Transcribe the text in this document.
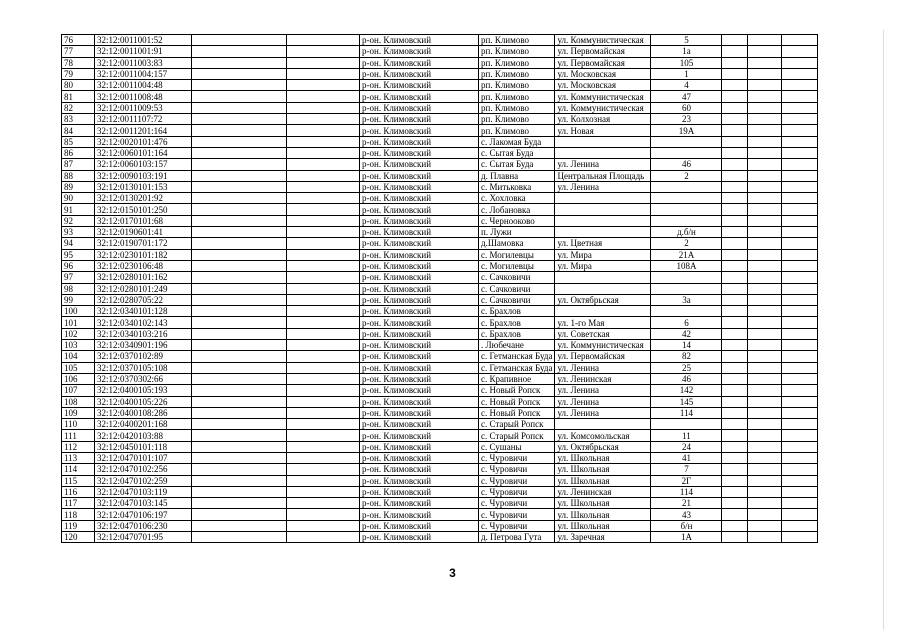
76	32:12:0011001:52			р-он. Климовский	рп. Климово	ул. Коммунистическая	5			
77	32:12:0011001:91			р-он. Климовский	рп. Климово	ул. Первомайская	1а			
78	32:12:0011003:83			р-он. Климовский	рп. Климово	ул. Первомайская	105			
79	32:12:0011004:157			р-он. Климовский	рп. Климово	ул. Московская	1			
80	32:12:0011004:48			р-он. Климовский	рп. Климово	ул. Московская	4			
81	32:12:0011008:48			р-он. Климовский	рп. Климово	ул. Коммунистическая	47			
82	32:12:0011009:53			р-он. Климовский	рп. Климово	ул. Коммунистическая	60			
83	32:12:0011107:72			р-он. Климовский	рп. Климово	ул. Колхозная	23			
84	32:12:0011201:164			р-он. Климовский	рп. Климово	ул. Новая	19А			
85	32:12:0020101:476			р-он. Климовский	с. Лакомая Буда					
86	32:12:0060101:164			р-он. Климовский	с. Сытая Буда					
87	32:12:0060103:157			р-он. Климовский	с. Сытая Буда	ул. Ленина	46			
88	32:12:0090103:191			р-он. Климовский	д. Плавна	Центральная Площадь	2			
89	32:12:0130101:153			р-он. Климовский	с. Митьковка	ул. Ленина				
90	32:12:0130201:92			р-он. Климовский	с. Хохловка					
91	32:12:0150101:250			р-он. Климовский	с. Лобановка					
92	32:12:0170101:68			р-он. Климовский	с. Чернооково					
93	32:12:0190601:41			р-он. Климовский	п. Лужи		д.б/н			
94	32:12:0190701:172			р-он. Климовский	д.Шамовка	ул. Цветная	2			
95	32:12:0230101:182			р-он. Климовский	с. Могилевцы	ул. Мира	21А			
96	32:12:0230106:48			р-он. Климовский	с. Могилевцы	ул. Мира	108А			
97	32:12:0280101:162			р-он. Климовский	с. Сачковичи					
98	32:12:0280101:249			р-он. Климовский	с. Сачковичи					
99	32:12:0280705:22			р-он. Климовский	с. Сачковичи	ул. Октябрьская	3а			
100	32:12:0340101:128			р-он. Климовский	с. Брахлов					
101	32:12:0340102:143			р-он. Климовский	с. Брахлов	ул. 1-го Мая	6			
102	32:12:0340103:216			р-он. Климовский	с. Брахлов	ул. Советская	42			
103	32:12:0340901:196			р-он. Климовский	. Любечане	ул. Коммунистическая	14			
104	32:12:0370102:89			р-он. Климовский	с. Гетманская Буда	ул. Первомайская	82			
105	32:12:0370105:108			р-он. Климовский	с. Гетманская Буда	ул. Ленина	25			
106	32:12:0370302:66			р-он. Климовский	с. Крапивное	ул. Ленинская	46			
107	32:12:0400105:193			р-он. Климовский	с. Новый Ропск	ул. Ленина	142			
108	32:12:0400105:226			р-он. Климовский	с. Новый Ропск	ул. Ленина	145			
109	32:12:0400108:286			р-он. Климовский	с. Новый Ропск	ул. Ленина	114			
110	32:12:0400201:168			р-он. Климовский	с. Старый Ропск					
111	32:12:0420103:88			р-он. Климовский	с. Старый Ропск	ул. Комсомольская	11			
112	32:12:0450101:118			р-он. Климовский	с. Сушаны	ул. Октябрьская	24			
113	32:12:0470101:107			р-он. Климовский	с. Чуровичи	ул. Школьная	41			
114	32:12:0470102:256			р-он. Климовский	с. Чуровичи	ул. Школьная	7			
115	32:12:0470102:259			р-он. Климовский	с. Чуровичи	ул. Школьная	2Г			
116	32:12:0470103:119			р-он. Климовский	с. Чуровичи	ул. Ленинская	114			
117	32:12:0470103:145			р-он. Климовский	с. Чуровичи	ул. Школьная	21			
118	32:12:0470106:197			р-он. Климовский	с. Чуровичи	ул. Школьная	43			
119	32:12:0470106:230			р-он. Климовский	с. Чуровичи	ул. Школьная	б/н			
120	32:12:0470701:95			р-он. Климовский	д. Петрова Гута	ул. Заречная	1А			
3
